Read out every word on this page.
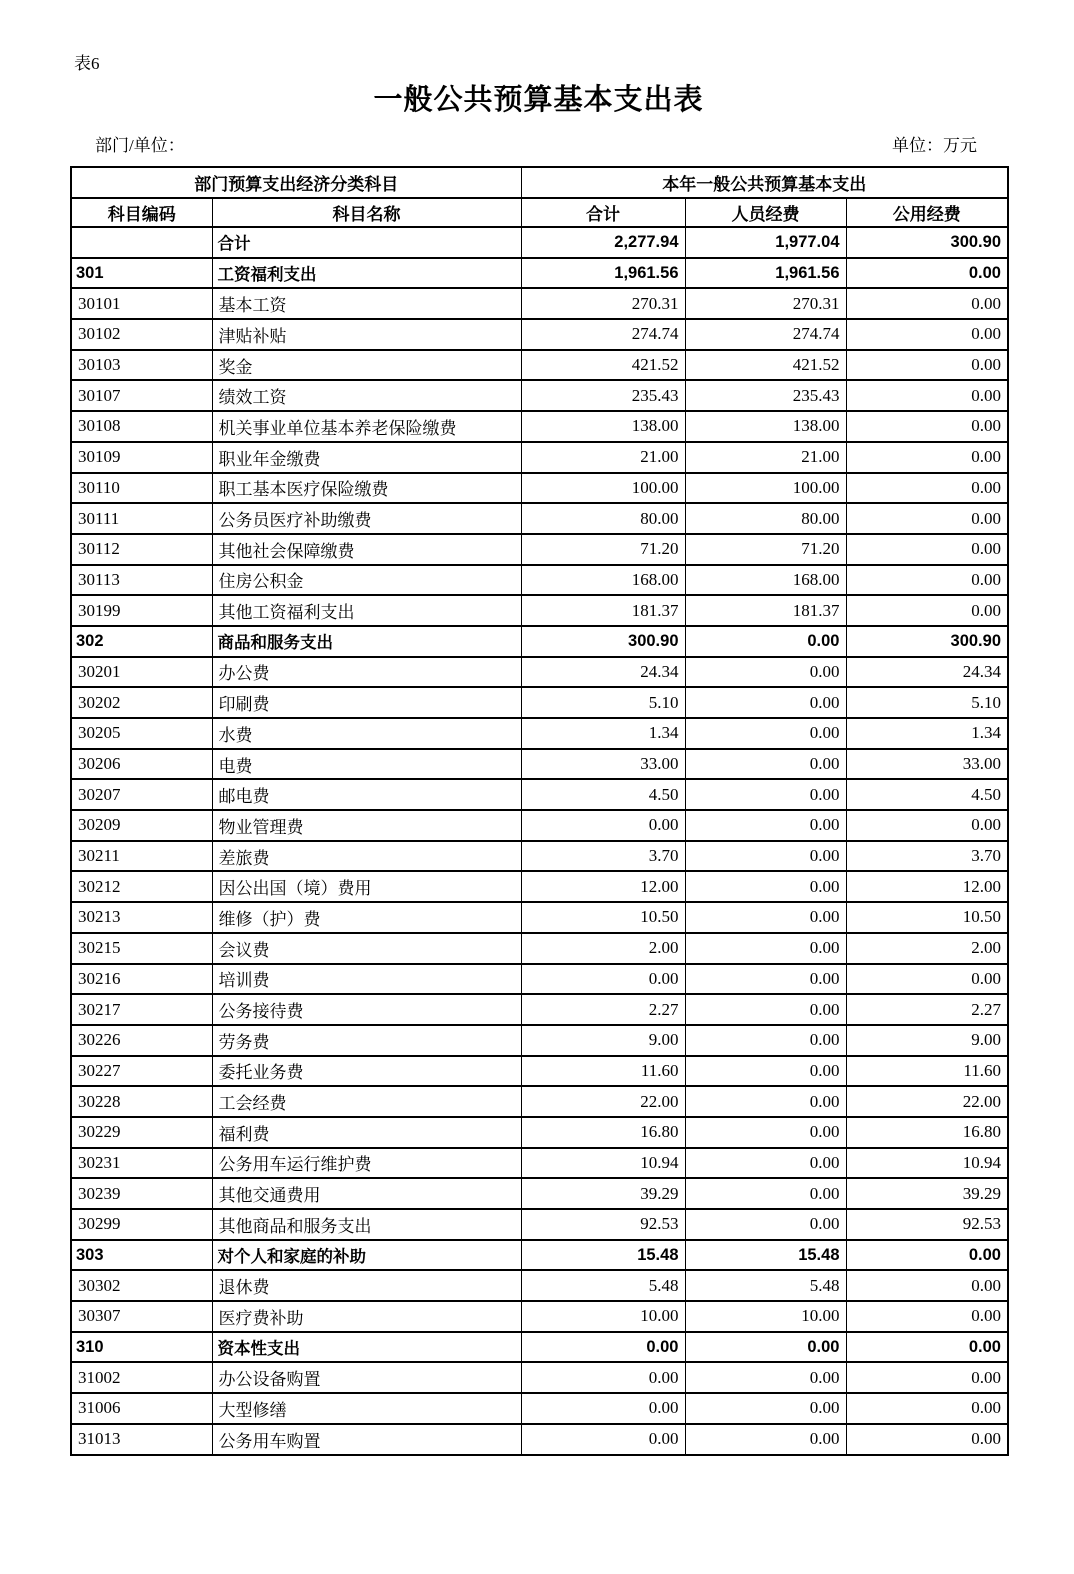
表6
一般公共预算基本支出表
部门/单位：	单位：万元
部门预算支出经济分类科目		本年一般公共预算基本支出		
科目编码	科目名称	合计	人员经费	公用经费
	合计	2,277.94	1,977.04	300.90
301	工资福利支出	1,961.56	1,961.56	0.00
30101	基本工资	270.31	270.31	0.00
30102	津贴补贴	274.74	274.74	0.00
30103	奖金	421.52	421.52	0.00
30107	绩效工资	235.43	235.43	0.00
30108	机关事业单位基本养老保险缴费	138.00	138.00	0.00
30109	职业年金缴费	21.00	21.00	0.00
30110	职工基本医疗保险缴费	100.00	100.00	0.00
30111	公务员医疗补助缴费	80.00	80.00	0.00
30112	其他社会保障缴费	71.20	71.20	0.00
30113	住房公积金	168.00	168.00	0.00
30199	其他工资福利支出	181.37	181.37	0.00
302	商品和服务支出	300.90	0.00	300.90
30201	办公费	24.34	0.00	24.34
30202	印刷费	5.10	0.00	5.10
30205	水费	1.34	0.00	1.34
30206	电费	33.00	0.00	33.00
30207	邮电费	4.50	0.00	4.50
30209	物业管理费	0.00	0.00	0.00
30211	差旅费	3.70	0.00	3.70
30212	因公出国（境）费用	12.00	0.00	12.00
30213	维修（护）费	10.50	0.00	10.50
30215	会议费	2.00	0.00	2.00
30216	培训费	0.00	0.00	0.00
30217	公务接待费	2.27	0.00	2.27
30226	劳务费	9.00	0.00	9.00
30227	委托业务费	11.60	0.00	11.60
30228	工会经费	22.00	0.00	22.00
30229	福利费	16.80	0.00	16.80
30231	公务用车运行维护费	10.94	0.00	10.94
30239	其他交通费用	39.29	0.00	39.29
30299	其他商品和服务支出	92.53	0.00	92.53
303	对个人和家庭的补助	15.48	15.48	0.00
30302	退休费	5.48	5.48	0.00
30307	医疗费补助	10.00	10.00	0.00
310	资本性支出	0.00	0.00	0.00
31002	办公设备购置	0.00	0.00	0.00
31006	大型修缮	0.00	0.00	0.00
31013	公务用车购置	0.00	0.00	0.00
